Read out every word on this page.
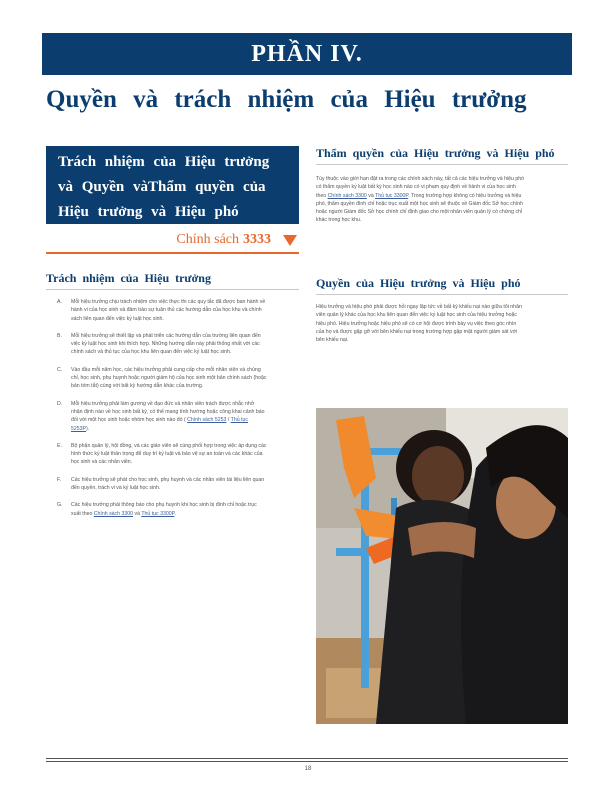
PHẦN IV.
Quyền và trách nhiệm của Hiệu trưởng
Trách nhiệm của Hiệu trưởng và Quyền vàThẩm quyền của Hiệu trưởng và Hiệu phó
Chính sách 3333
Trách nhiệm của Hiệu trưởng
A.	Mỗi hiệu trưởng chịu trách nhiệm cho việc thực thi các quy tắc đã được ban hành về hành vi của học sinh và đảm bảo sự tuân thủ các hướng dẫn của học khu và chính sách liên quan đến việc kỷ luật học sinh.
B.	Mỗi hiệu trưởng sẽ thiết lập và phát triển các hướng dẫn của trường liên quan đến việc kỷ luật học sinh khi thích hợp. Những hướng dẫn này phải thống nhất với các chính sách và thủ tục của học khu liên quan đến việc kỷ luật học sinh.
C.	Vào đầu mỗi năm học, các hiệu trưởng phải cung cấp cho mỗi nhân viên và chúng chỉ, học sinh, phụ huynh hoặc người giám hộ của học sinh một bản chính sách (hoặc bản tóm tắt) cùng với bất kỳ hướng dẫn khác của trường.
D.	Mỗi hiệu trưởng phải làm gương về đạo đức và nhân viên trách được nhắc nhở nhận định nào về học sinh bất kỳ, có thể mang tính hướng hoặc công khai cảnh báo đối với một học sinh hoặc nhóm học sinh nào đó ( Chính sách 5253 / Thủ tục 5253P).
E.	Bộ phận quản lý, hội đồng, và các giáo viên sẽ cùng phối hợp trong việc áp dụng các hình thức kỷ luật thân trọng để duy trì kỷ luật và bảo vệ sự an toàn và các khác của học sinh và các nhân viên.
F.	Các hiệu trưởng sẽ phát cho học sinh, phụ huynh và các nhân viên tài liệu liên quan đến quyền, trách vi và kỷ luật học sinh.
G.	Các hiệu trưởng phải thông báo cho phụ huynh khi học sinh bị đình chỉ hoặc trục xuất theo Chính sách 3300 và Thủ tục 3300P.
Thẩm quyền của Hiệu trưởng và Hiệu phó
Tùy thuộc vào giới hạn đặt ra trong các chính sách này, tất cả các hiệu trưởng và hiệu phó có thẩm quyền kỷ luật bất kỳ học sinh nào có vi phạm quy định về hành vi của học sinh theo Chính sách 3300 và Thủ tục 3300P. Trong trường hợp không có hiệu trưởng và hiệu phó, thẩm quyền đình chỉ hoặc trục xuất một học sinh sẽ thuộc về Giám đốc Sở học chính hoặc người Giám đốc Sở học chính chỉ định giao cho một nhân viên quản lý có chứng chỉ khác trong học khu.
Quyền của Hiệu trưởng và Hiệu phó
Hiệu trưởng và hiệu phó phải được hỏi ngay lập tức về bất kỳ khiếu nại nào giữa tôi nhân viên quản lý khác của học khu liên quan đến việc kỷ luật học sinh của hiệu trưởng hoặc hiệu phó. Hiệu trưởng hoặc hiệu phó sẽ có cơ hội được trình bày vụ việc theo góc nhìn của họ và được gặp gỡ với bên khiếu nại trong trường hợp gặp mặt người giám sát với bên khiếu nại.
18
